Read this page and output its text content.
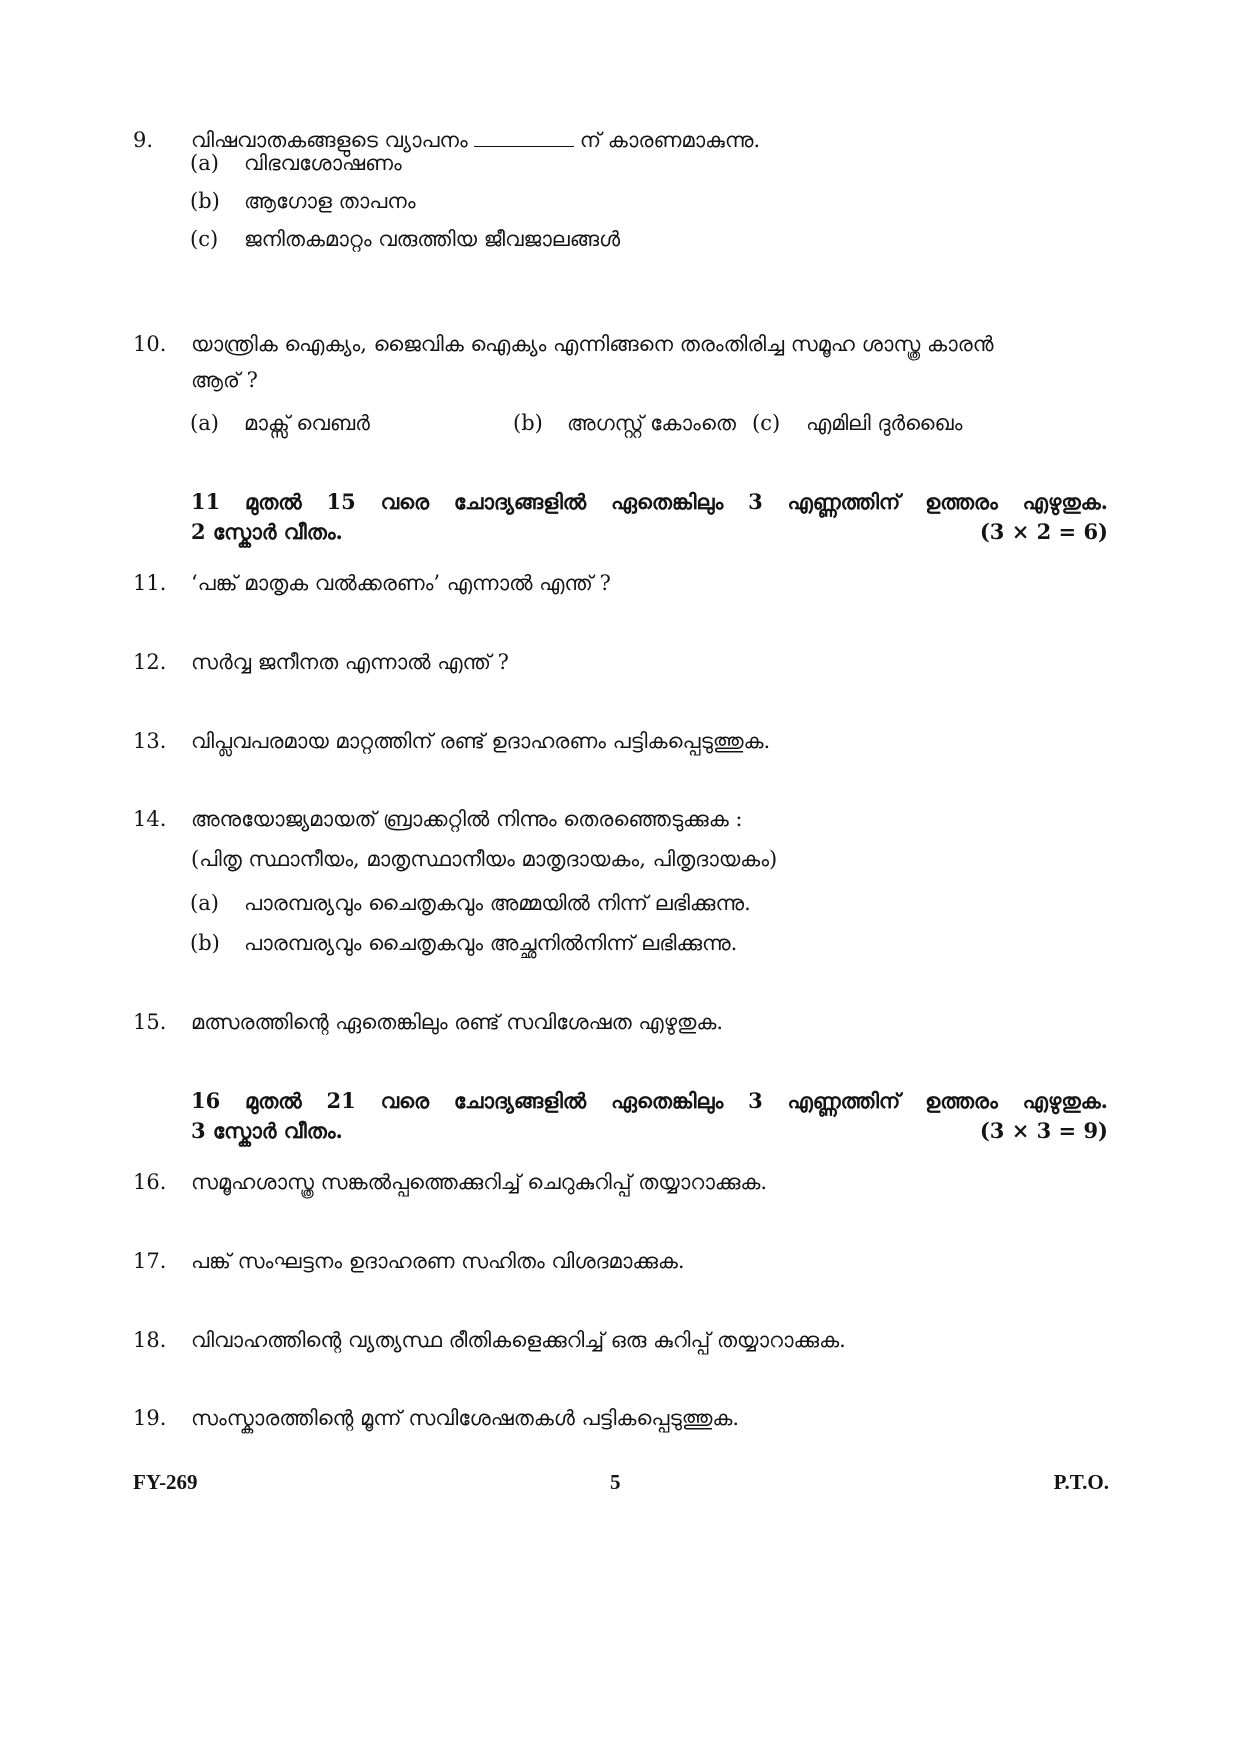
9.	വിഷവാതകങ്ങളുടെ വ്യാപനം	ന് കാരണമാകുന്നു.
(a) വിഭവശോഷണം
(b) ആഗോള താപനം
(c) ജനിതകമാറ്റം വരുത്തിയ ജീവജാലങ്ങൾ
10.	യാന്ത്രിക ഐക്യം, ജൈവിക ഐക്യം എന്നിങ്ങനെ തരംതിരിച്ച സമൂഹ ശാസ്ത്ര കാരൻ
ആര് ?
(a) മാക്സ് വെബർ	(b) അഗസ്റ്റ് കോംതെ (c) എമിലി ദുർഖൈം
11 മുതൽ 15 വരെ ചോദ്യങ്ങളിൽ ഏതെങ്കിലും 3 എണ്ണത്തിന് ഉത്തരം എഴുതുക.
2 സ്കോർ വീതം.	(3 × 2 = 6)
11.	‘പങ്ക് മാതൃക വൽക്കരണം’ എന്നാൽ എന്ത് ?
12.	സർവ്വ ജനീനത എന്നാൽ എന്ത് ?
13.	വിപ്ലവപരമായ മാറ്റത്തിന് രണ്ട് ഉദാഹരണം പട്ടികപ്പെടുത്തുക.
14.	അനുയോജ്യമായത് ബ്രാക്കറ്റിൽ നിന്നും തെരഞ്ഞെടുക്കുക :
(പിതൃ സ്ഥാനീയം, മാതൃസ്ഥാനീയം മാതൃദായകം, പിതൃദായകം)
(a) പാരമ്പര്യവും ചൈതൃകവും അമ്മയിൽ നിന്ന് ലഭിക്കുന്നു.
(b) പാരമ്പര്യവും ചൈതൃകവും അച്ഛനിൽനിന്ന് ലഭിക്കുന്നു.
15.	മത്സരത്തിന്റെ ഏതെങ്കിലും രണ്ട് സവിശേഷത എഴുതുക.
16 മുതൽ 21 വരെ ചോദ്യങ്ങളിൽ ഏതെങ്കിലും 3 എണ്ണത്തിന് ഉത്തരം എഴുതുക.
3 സ്കോർ വീതം.	(3 × 3 = 9)
16.	സമൂഹശാസ്ത്ര സങ്കൽപ്പത്തെക്കുറിച്ച് ചെറുകുറിപ്പ് തയ്യാറാക്കുക.
17.	പങ്ക് സംഘട്ടനം ഉദാഹരണ സഹിതം വിശദമാക്കുക.
18.	വിവാഹത്തിന്റെ വ്യത്യസ്ഥ രീതികളെക്കുറിച്ച് ഒരു കുറിപ്പ് തയ്യാറാക്കുക.
19.	സംസ്കാരത്തിന്റെ മൂന്ന് സവിശേഷതകൾ പട്ടികപ്പെടുത്തുക.
FY-269	5	P.T.O.
